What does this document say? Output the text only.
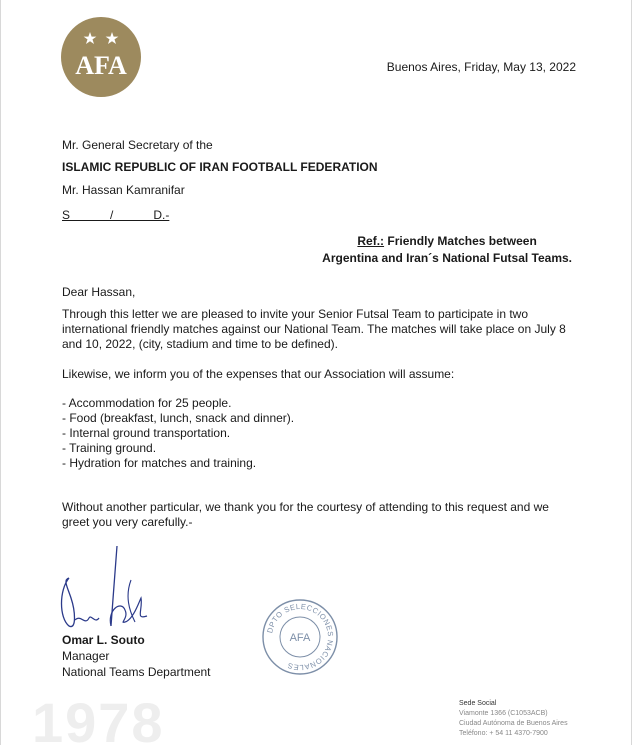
AFA	Buenos Aires, Friday, May 13, 2022
Mr. General Secretary of the
ISLAMIC REPUBLIC OF IRAN FOOTBALL FEDERATION
Mr. Hassan Kamranifar
S            /            D.-
Ref.: Friendly Matches between
Argentina and Iran´s National Futsal Teams.
Dear Hassan,
Through this letter we are pleased to invite your Senior Futsal Team to participate in two international friendly matches against our National Team. The matches will take place on July 8 and 10, 2022, (city, stadium and time to be defined).
Likewise, we inform you of the expenses that our Association will assume:
- Accommodation for 25 people.
- Food (breakfast, lunch, snack and dinner).
- Internal ground transportation.
- Training ground.
- Hydration for matches and training.
Without another particular, we thank you for the courtesy of attending to this request and we greet you very carefully.-
Omar L. Souto
Manager
National Teams Department
DPTO SELECCIONES NACIONALES
AFA
1978	Sede Social
Viamonte 1366 (C1053ACB)
Ciudad Autónoma de Buenos Aires
Teléfono: + 54 11 4370-7900
